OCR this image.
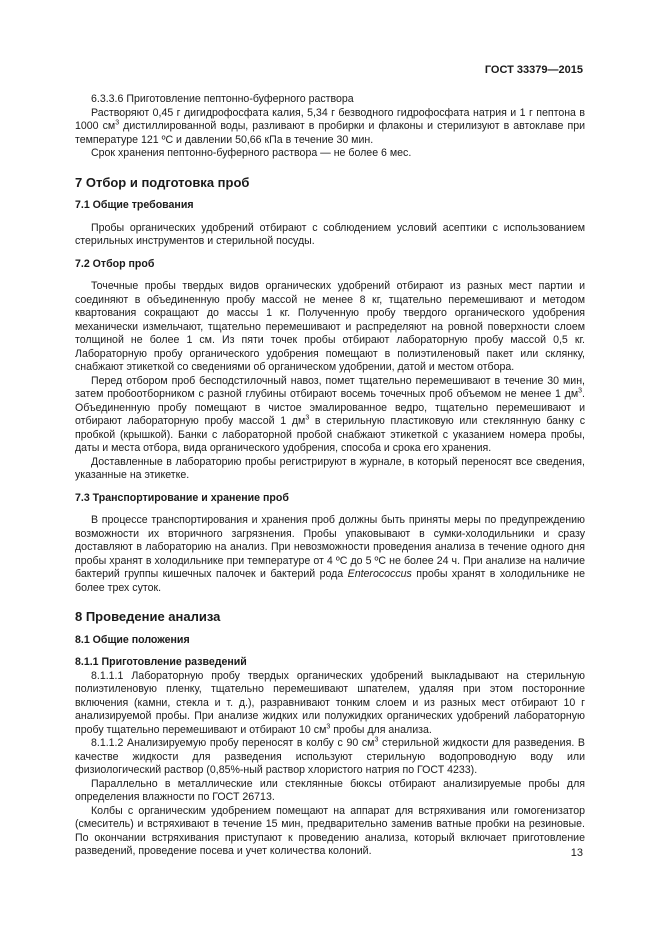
ГОСТ 33379—2015

6.3.3.6 Приготовление пептонно-буферного раствора

Растворяют 0,45 г дигидрофосфата калия, 5,34 г безводного гидрофосфата натрия и 1 г пептона в 1000 $см^3$ дистиллированной воды, разливают в пробирки и флаконы и стерилизуют в автоклаве при температуре 121 ºС и давлении 50,66 кПа в течение 30 мин.

Срок хранения пептонно-буферного раствора — не более 6 мес.

7 Отбор и подготовка проб
7.1 Общие требования

Пробы органических удобрений отбирают с соблюдением условий асептики с использованием стерильных инструментов и стерильной посуды.

7.2 Отбор проб

Точечные пробы твердых видов органических удобрений отбирают из разных мест партии и соединяют в объединенную пробу массой не менее 8 кг, тщательно перемешивают и методом квартования сокращают до массы 1 кг. Полученную пробу твердого органического удобрения механически измельчают, тщательно перемешивают и распределяют на ровной поверхности слоем толщиной не более 1 см. Из пяти точек пробы отбирают лабораторную пробу массой 0,5 кг. Лабораторную пробу органического удобрения помещают в полиэтиленовый пакет или склянку, снабжают этикеткой со сведениями об органическом удобрении, датой и местом отбора.

Перед отбором проб бесподстилочный навоз, помет тщательно перемешивают в течение 30 мин, затем пробоотборником с разной глубины отбирают восемь точечных проб объемом не менее 1 $дм^3$. Объединенную пробу помещают в чистое эмалированное ведро, тщательно перемешивают и отбирают лабораторную пробу массой 1 $дм^3$ в стерильную пластиковую или стеклянную банку с пробкой (крышкой). Банки с лабораторной пробой снабжают этикеткой с указанием номера пробы, даты и места отбора, вида органического удобрения, способа и срока его хранения.

Доставленные в лабораторию пробы регистрируют в журнале, в который переносят все сведения, указанные на этикетке.

7.3 Транспортирование и хранение проб

В процессе транспортирования и хранения проб должны быть приняты меры по предупреждению возможности их вторичного загрязнения. Пробы упаковывают в сумки-холодильники и сразу доставляют в лабораторию на анализ. При невозможности проведения анализа в течение одного дня пробы хранят в холодильнике при температуре от 4 ºС до 5 ºС не более 24 ч. При анализе на наличие бактерий группы кишечных палочек и бактерий рода Enterococcus пробы хранят в холодильнике не более трех суток.

8 Проведение анализа
8.1 Общие положения
8.1.1 Приготовление разведений

8.1.1.1 Лабораторную пробу твердых органических удобрений выкладывают на стерильную полиэтиленовую пленку, тщательно перемешивают шпателем, удаляя при этом посторонние включения (камни, стекла и т. д.), разравнивают тонким слоем и из разных мест отбирают 10 г анализируемой пробы. При анализе жидких или полужидких органических удобрений лабораторную пробу тщательно перемешивают и отбирают 10 $см^3$ пробы для анализа.

8.1.1.2 Анализируемую пробу переносят в колбу с 90 $см^3$ стерильной жидкости для разведения. В качестве жидкости для разведения используют стерильную водопроводную воду или физиологический раствор (0,85%-ный раствор хлористого натрия по ГОСТ 4233).

Параллельно в металлические или стеклянные бюксы отбирают анализируемые пробы для определения влажности по ГОСТ 26713.

Колбы с органическим удобрением помещают на аппарат для встряхивания или гомогенизатор (смеситель) и встряхивают в течение 15 мин, предварительно заменив ватные пробки на резиновые. По окончании встряхивания приступают к проведению анализа, который включает приготовление разведений, проведение посева и учет количества колоний.	13
